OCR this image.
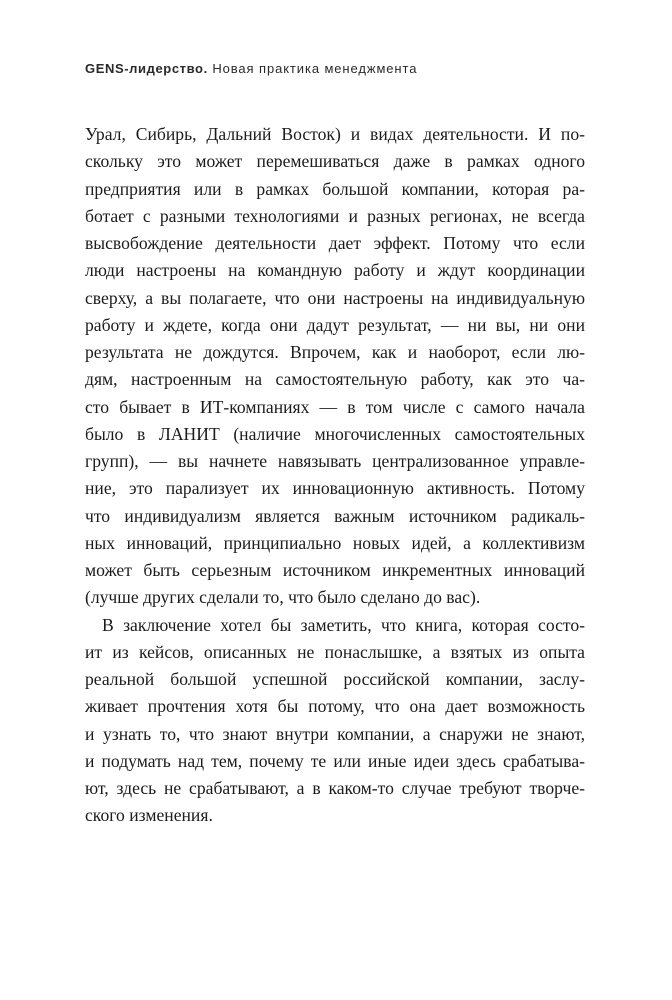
GENS-лидерство. Новая практика менеджмента
Урал, Сибирь, Дальний Восток) и видах деятельности. И по-
скольку это может перемешиваться даже в рамках одного
предприятия или в рамках большой компании, которая ра-
ботает с разными технологиями и разных регионах, не всегда
высвобождение деятельности дает эффект. Потому что если
люди настроены на командную работу и ждут координации
сверху, а вы полагаете, что они настроены на индивидуальную
работу и ждете, когда они дадут результат, — ни вы, ни они
результата не дождутся. Впрочем, как и наоборот, если лю-
дям, настроенным на самостоятельную работу, как это ча-
сто бывает в ИТ-компаниях — в том числе с самого начала
было в ЛАНИТ (наличие многочисленных самостоятельных
групп), — вы начнете навязывать централизованное управле-
ние, это парализует их инновационную активность. Потому
что индивидуализм является важным источником радикаль-
ных инноваций, принципиально новых идей, а коллективизм
может быть серьезным источником инкрементных инноваций
(лучше других сделали то, что было сделано до вас).
В заключение хотел бы заметить, что книга, которая состо-
ит из кейсов, описанных не понаслышке, а взятых из опыта
реальной большой успешной российской компании, заслу-
живает прочтения хотя бы потому, что она дает возможность
и узнать то, что знают внутри компании, а снаружи не знают,
и подумать над тем, почему те или иные идеи здесь срабатыва-
ют, здесь не срабатывают, а в каком-то случае требуют творче-
ского изменения.
